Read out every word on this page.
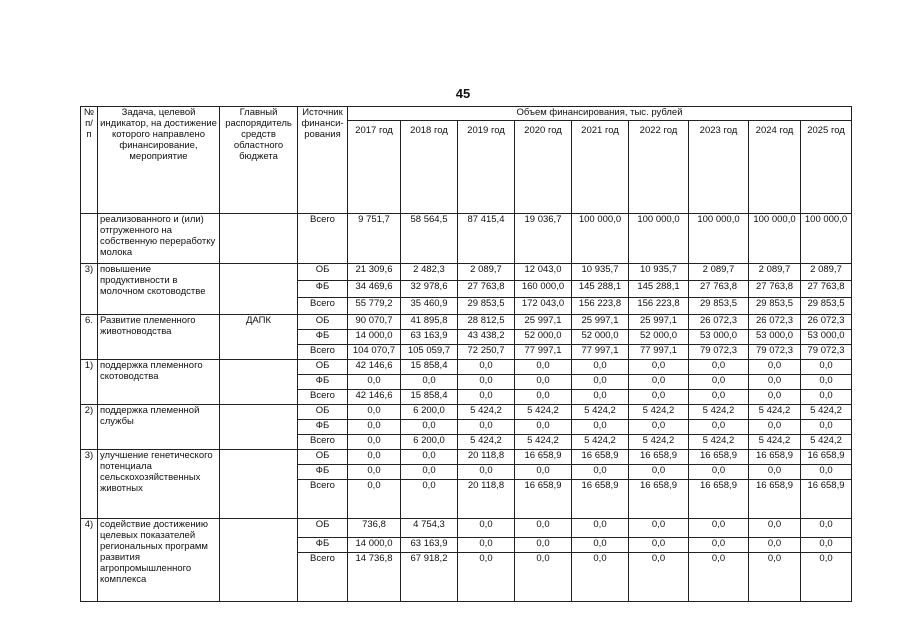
45
№ п/п	Задача, целевой индикатор, на достижение которого направлено финансирование, мероприятие	Главный распорядитель средств областного бюджета	Источник финанси-рования	Объем финансирования, тыс. рублей								
				2017 год	2018 год	2019 год	2020 год	2021 год	2022 год	2023 год	2024 год	2025 год
	реализованного и (или) отгруженного на собственную переработку молока		Всего	9 751,7	58 564,5	87 415,4	19 036,7	100 000,0	100 000,0	100 000,0	100 000,0	100 000,0
3)	повышение продуктивности в молочном скотоводстве		ОБ	21 309,6	2 482,3	2 089,7	12 043,0	10 935,7	10 935,7	2 089,7	2 089,7	2 089,7
			ФБ	34 469,6	32 978,6	27 763,8	160 000,0	145 288,1	145 288,1	27 763,8	27 763,8	27 763,8
			Всего	55 779,2	35 460,9	29 853,5	172 043,0	156 223,8	156 223,8	29 853,5	29 853,5	29 853,5
6.	Развитие племенного животноводства	ДАПК	ОБ	90 070,7	41 895,8	28 812,5	25 997,1	25 997,1	25 997,1	26 072,3	26 072,3	26 072,3
			ФБ	14 000,0	63 163,9	43 438,2	52 000,0	52 000,0	52 000,0	53 000,0	53 000,0	53 000,0
			Всего	104 070,7	105 059,7	72 250,7	77 997,1	77 997,1	77 997,1	79 072,3	79 072,3	79 072,3
1)	поддержка племенного скотоводства		ОБ	42 146,6	15 858,4	0,0	0,0	0,0	0,0	0,0	0,0	0,0
			ФБ	0,0	0,0	0,0	0,0	0,0	0,0	0,0	0,0	0,0
			Всего	42 146,6	15 858,4	0,0	0,0	0,0	0,0	0,0	0,0	0,0
2)	поддержка племенной службы		ОБ	0,0	6 200,0	5 424,2	5 424,2	5 424,2	5 424,2	5 424,2	5 424,2	5 424,2
			ФБ	0,0	0,0	0,0	0,0	0,0	0,0	0,0	0,0	0,0
			Всего	0,0	6 200,0	5 424,2	5 424,2	5 424,2	5 424,2	5 424,2	5 424,2	5 424,2
3)	улучшение генетического потенциала сельскохозяйственных животных		ОБ	0,0	0,0	20 118,8	16 658,9	16 658,9	16 658,9	16 658,9	16 658,9	16 658,9
			ФБ	0,0	0,0	0,0	0,0	0,0	0,0	0,0	0,0	0,0
			Всего	0,0	0,0	20 118,8	16 658,9	16 658,9	16 658,9	16 658,9	16 658,9	16 658,9
4)	содействие достижению целевых показателей региональных программ развития агропромышленного комплекса		ОБ	736,8	4 754,3	0,0	0,0	0,0	0,0	0,0	0,0	0,0
			ФБ	14 000,0	63 163,9	0,0	0,0	0,0	0,0	0,0	0,0	0,0
			Всего	14 736,8	67 918,2	0,0	0,0	0,0	0,0	0,0	0,0	0,0
